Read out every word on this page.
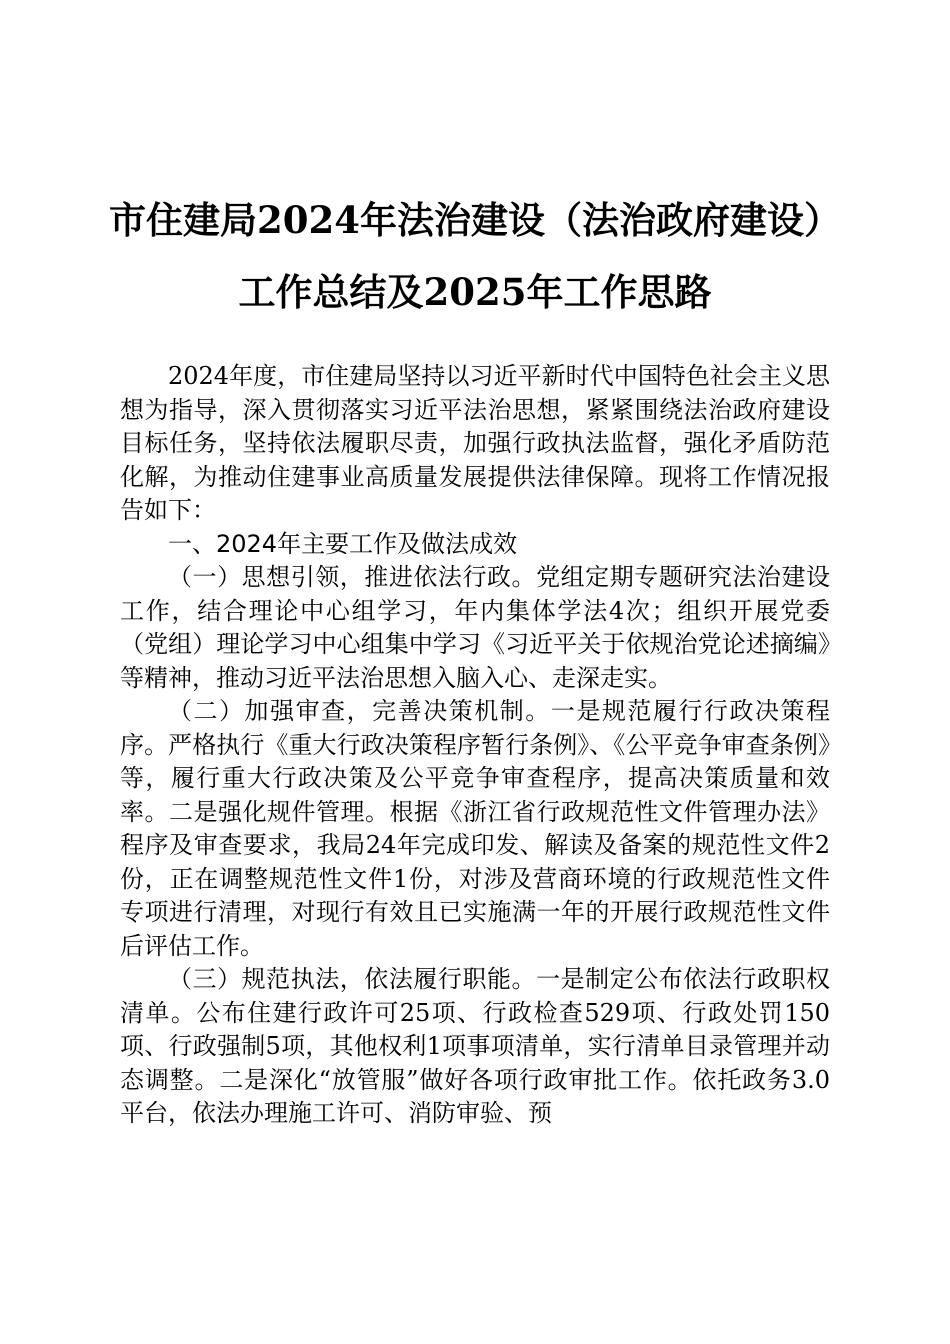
市住建局2024年法治建设（法治政府建设）
工作总结及2025年工作思路

2024年度，市住建局坚持以习近平新时代中国特色社会主义思想为指导，深入贯彻落实习近平法治思想，紧紧围绕法治政府建设目标任务，坚持依法履职尽责，加强行政执法监督，强化矛盾防范化解，为推动住建事业高质量发展提供法律保障。现将工作情况报告如下：

一、2024年主要工作及做法成效

（一）思想引领，推进依法行政。党组定期专题研究法治建设工作，结合理论中心组学习，年内集体学法4次；组织开展党委（党组）理论学习中心组集中学习《习近平关于依规治党论述摘编》等精神，推动习近平法治思想入脑入心、走深走实。

（二）加强审查，完善决策机制。一是规范履行行政决策程序。严格执行《重大行政决策程序暂行条例》、《公平竞争审查条例》等，履行重大行政决策及公平竞争审查程序，提高决策质量和效率。二是强化规件管理。根据《浙江省行政规范性文件管理办法》程序及审查要求，我局24年完成印发、解读及备案的规范性文件2份，正在调整规范性文件1份，对涉及营商环境的行政规范性文件专项进行清理，对现行有效且已实施满一年的开展行政规范性文件后评估工作。

（三）规范执法，依法履行职能。一是制定公布依法行政职权清单。公布住建行政许可25项、行政检查529项、行政处罚150项、行政强制5项，其他权利1项事项清单，实行清单目录管理并动态调整。二是深化“放管服”做好各项行政审批工作。依托政务3.0平台，依法办理施工许可、消防审验、预
